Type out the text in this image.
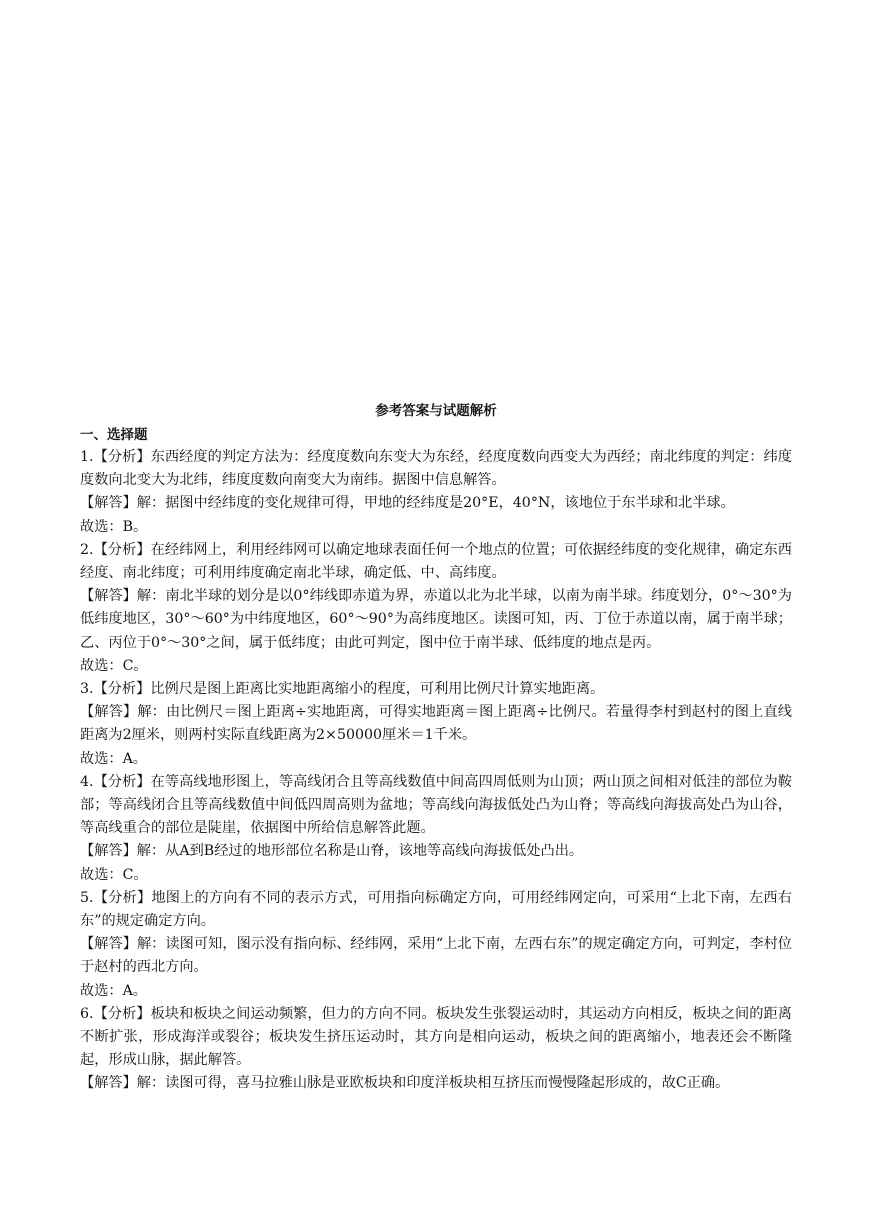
参考答案与试题解析
一、选择题

1.【分析】东西经度的判定方法为：经度度数向东变大为东经，经度度数向西变大为西经；南北纬度的判定：纬度度数向北变大为北纬，纬度度数向南变大为南纬。据图中信息解答。

【解答】解：据图中经纬度的变化规律可得，甲地的经纬度是20°E，40°N，该地位于东半球和北半球。

故选：B。

2.【分析】在经纬网上，利用经纬网可以确定地球表面任何一个地点的位置；可依据经纬度的变化规律，确定东西经度、南北纬度；可利用纬度确定南北半球，确定低、中、高纬度。

【解答】解：南北半球的划分是以0°纬线即赤道为界，赤道以北为北半球，以南为南半球。纬度划分，0°～30°为低纬度地区，30°～60°为中纬度地区，60°～90°为高纬度地区。读图可知，丙、丁位于赤道以南，属于南半球；乙、丙位于0°～30°之间，属于低纬度；由此可判定，图中位于南半球、低纬度的地点是丙。

故选：C。

3.【分析】比例尺是图上距离比实地距离缩小的程度，可利用比例尺计算实地距离。

【解答】解：由比例尺＝图上距离÷实地距离，可得实地距离＝图上距离÷比例尺。若量得李村到赵村的图上直线距离为2厘米，则两村实际直线距离为2×50000厘米＝1千米。

故选：A。

4.【分析】在等高线地形图上，等高线闭合且等高线数值中间高四周低则为山顶；两山顶之间相对低洼的部位为鞍部；等高线闭合且等高线数值中间低四周高则为盆地；等高线向海拔低处凸为山脊；等高线向海拔高处凸为山谷，等高线重合的部位是陡崖，依据图中所给信息解答此题。

【解答】解：从A到B经过的地形部位名称是山脊，该地等高线向海拔低处凸出。

故选：C。

5.【分析】地图上的方向有不同的表示方式，可用指向标确定方向，可用经纬网定向，可采用“上北下南，左西右东”的规定确定方向。

【解答】解：读图可知，图示没有指向标、经纬网，采用“上北下南，左西右东”的规定确定方向，可判定，李村位于赵村的西北方向。

故选：A。

6.【分析】板块和板块之间运动频繁，但力的方向不同。板块发生张裂运动时，其运动方向相反，板块之间的距离不断扩张，形成海洋或裂谷；板块发生挤压运动时，其方向是相向运动，板块之间的距离缩小，地表还会不断隆起，形成山脉，据此解答。

【解答】解：读图可得，喜马拉雅山脉是亚欧板块和印度洋板块相互挤压而慢慢隆起形成的，故C正确。
